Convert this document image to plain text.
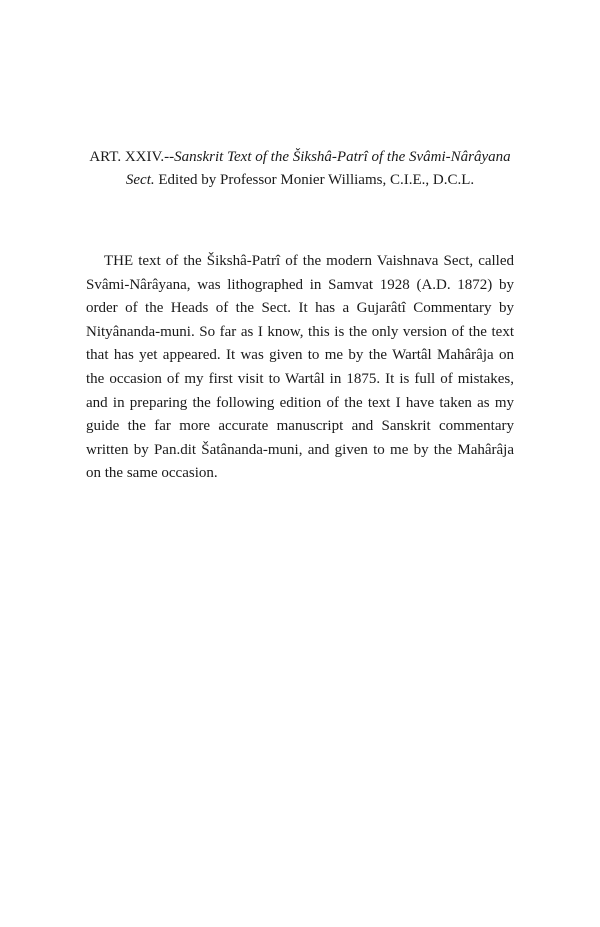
ART. XXIV.--Sanskrit Text of the Šikshâ-Patrî of the Svâmi-Nârâyana Sect. Edited by Professor Monier Williams, C.I.E., D.C.L.

THE text of the Šikshâ-Patrî of the modern Vaishnava Sect, called Svâmi-Nârâyana, was lithographed in Samvat 1928 (A.D. 1872) by order of the Heads of the Sect. It has a Gujarâtî Commentary by Nityânanda-muni. So far as I know, this is the only version of the text that has yet appeared. It was given to me by the Wartâl Mahârâja on the occasion of my first visit to Wartâl in 1875. It is full of mistakes, and in preparing the following edition of the text I have taken as my guide the far more accurate manuscript and Sanskrit commentary written by Pan.dit Šatânanda-muni, and given to me by the Mahârâja on the same occasion.
